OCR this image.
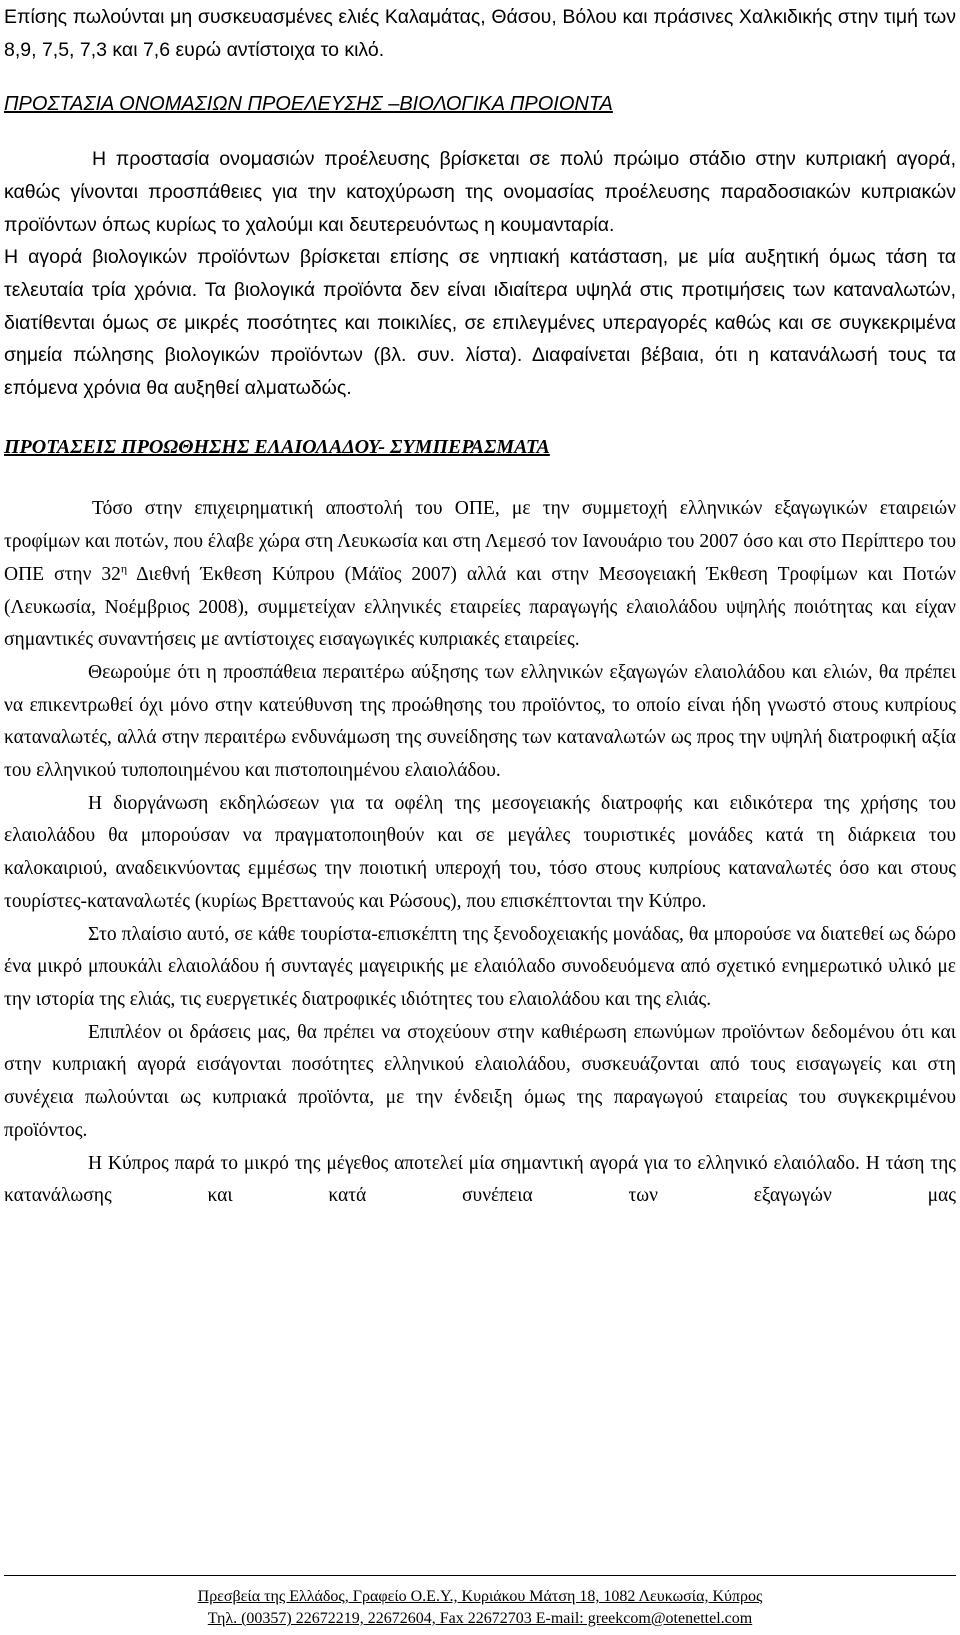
Επίσης πωλούνται μη συσκευασμένες ελιές Καλαμάτας, Θάσου, Βόλου και πράσινες Χαλκιδικής στην τιμή των 8,9, 7,5, 7,3 και 7,6 ευρώ αντίστοιχα το κιλό.

ΠΡΟΣΤΑΣΙΑ ΟΝΟΜΑΣΙΩΝ ΠΡΟΕΛΕΥΣΗΣ –ΒΙΟΛΟΓΙΚΑ ΠΡΟΙΟΝΤΑ

Η προστασία ονομασιών προέλευσης βρίσκεται σε πολύ πρώιμο στάδιο στην κυπριακή αγορά, καθώς γίνονται προσπάθειες για την κατοχύρωση της ονομασίας προέλευσης παραδοσιακών κυπριακών προϊόντων όπως κυρίως το χαλούμι και δευτερευόντως η κουμανταρία.

Η αγορά βιολογικών προϊόντων βρίσκεται επίσης σε νηπιακή κατάσταση, με μία αυξητική όμως τάση τα τελευταία τρία χρόνια. Τα βιολογικά προϊόντα δεν είναι ιδιαίτερα υψηλά στις προτιμήσεις των καταναλωτών, διατίθενται όμως σε μικρές ποσότητες και ποικιλίες, σε επιλεγμένες υπεραγορές καθώς και σε συγκεκριμένα σημεία πώλησης βιολογικών προϊόντων (βλ. συν. λίστα). Διαφαίνεται βέβαια, ότι η κατανάλωσή τους τα επόμενα χρόνια θα αυξηθεί αλματωδώς.

ΠΡΟΤΑΣΕΙΣ ΠΡΟΩΘΗΣΗΣ ΕΛΑΙΟΛΑΔΟΥ- ΣΥΜΠΕΡΑΣΜΑΤΑ

Τόσο στην επιχειρηματική αποστολή του ΟΠΕ, με την συμμετοχή ελληνικών εξαγωγικών εταιρειών τροφίμων και ποτών, που έλαβε χώρα στη Λευκωσία και στη Λεμεσό τον Ιανουάριο του 2007 όσο και στο Περίπτερο του ΟΠΕ στην $32^\eta$ Διεθνή Έκθεση Κύπρου (Μάϊος 2007) αλλά και στην Μεσογειακή Έκθεση Τροφίμων και Ποτών (Λευκωσία, Νοέμβριος 2008), συμμετείχαν ελληνικές εταιρείες παραγωγής ελαιολάδου υψηλής ποιότητας και είχαν σημαντικές συναντήσεις με αντίστοιχες εισαγωγικές κυπριακές εταιρείες.

Θεωρούμε ότι η προσπάθεια περαιτέρω αύξησης των ελληνικών εξαγωγών ελαιολάδου και ελιών, θα πρέπει να επικεντρωθεί όχι μόνο στην κατεύθυνση της προώθησης του προϊόντος, το οποίο είναι ήδη γνωστό στους κυπρίους καταναλωτές, αλλά στην περαιτέρω ενδυνάμωση της συνείδησης των καταναλωτών ως προς την υψηλή διατροφική αξία του ελληνικού τυποποιημένου και πιστοποιημένου ελαιολάδου.

Η διοργάνωση εκδηλώσεων για τα οφέλη της μεσογειακής διατροφής και ειδικότερα της χρήσης του ελαιολάδου θα μπορούσαν να πραγματοποιηθούν και σε μεγάλες τουριστικές μονάδες κατά τη διάρκεια του καλοκαιριού, αναδεικνύοντας εμμέσως την ποιοτική υπεροχή του, τόσο στους κυπρίους καταναλωτές όσο και στους τουρίστες-καταναλωτές (κυρίως Βρεττανούς και Ρώσους), που επισκέπτονται την Κύπρο.

Στο πλαίσιο αυτό, σε κάθε τουρίστα-επισκέπτη της ξενοδοχειακής μονάδας, θα μπορούσε να διατεθεί ως δώρο ένα μικρό μπουκάλι ελαιολάδου ή συνταγές μαγειρικής με ελαιόλαδο συνοδευόμενα από σχετικό ενημερωτικό υλικό με την ιστορία της ελιάς, τις ευεργετικές διατροφικές ιδιότητες του ελαιολάδου και της ελιάς.

Επιπλέον οι δράσεις μας, θα πρέπει να στοχεύουν στην καθιέρωση επωνύμων προϊόντων δεδομένου ότι και στην κυπριακή αγορά εισάγονται ποσότητες ελληνικού ελαιολάδου, συσκευάζονται από τους εισαγωγείς και στη συνέχεια πωλούνται ως κυπριακά προϊόντα, με την ένδειξη όμως της παραγωγού εταιρείας του συγκεκριμένου προϊόντος.

Η Κύπρος παρά το μικρό της μέγεθος αποτελεί μία σημαντική αγορά για το ελληνικό ελαιόλαδο. Η τάση της κατανάλωσης και κατά συνέπεια των εξαγωγών μας

Πρεσβεία της Ελλάδος, Γραφείο Ο.Ε.Υ., Κυριάκου Μάτση 18, 1082 Λευκωσία, Κύπρος
Τηλ. (00357) 22672219, 22672604, Fax 22672703 E-mail: greekcom@otenettel.com
